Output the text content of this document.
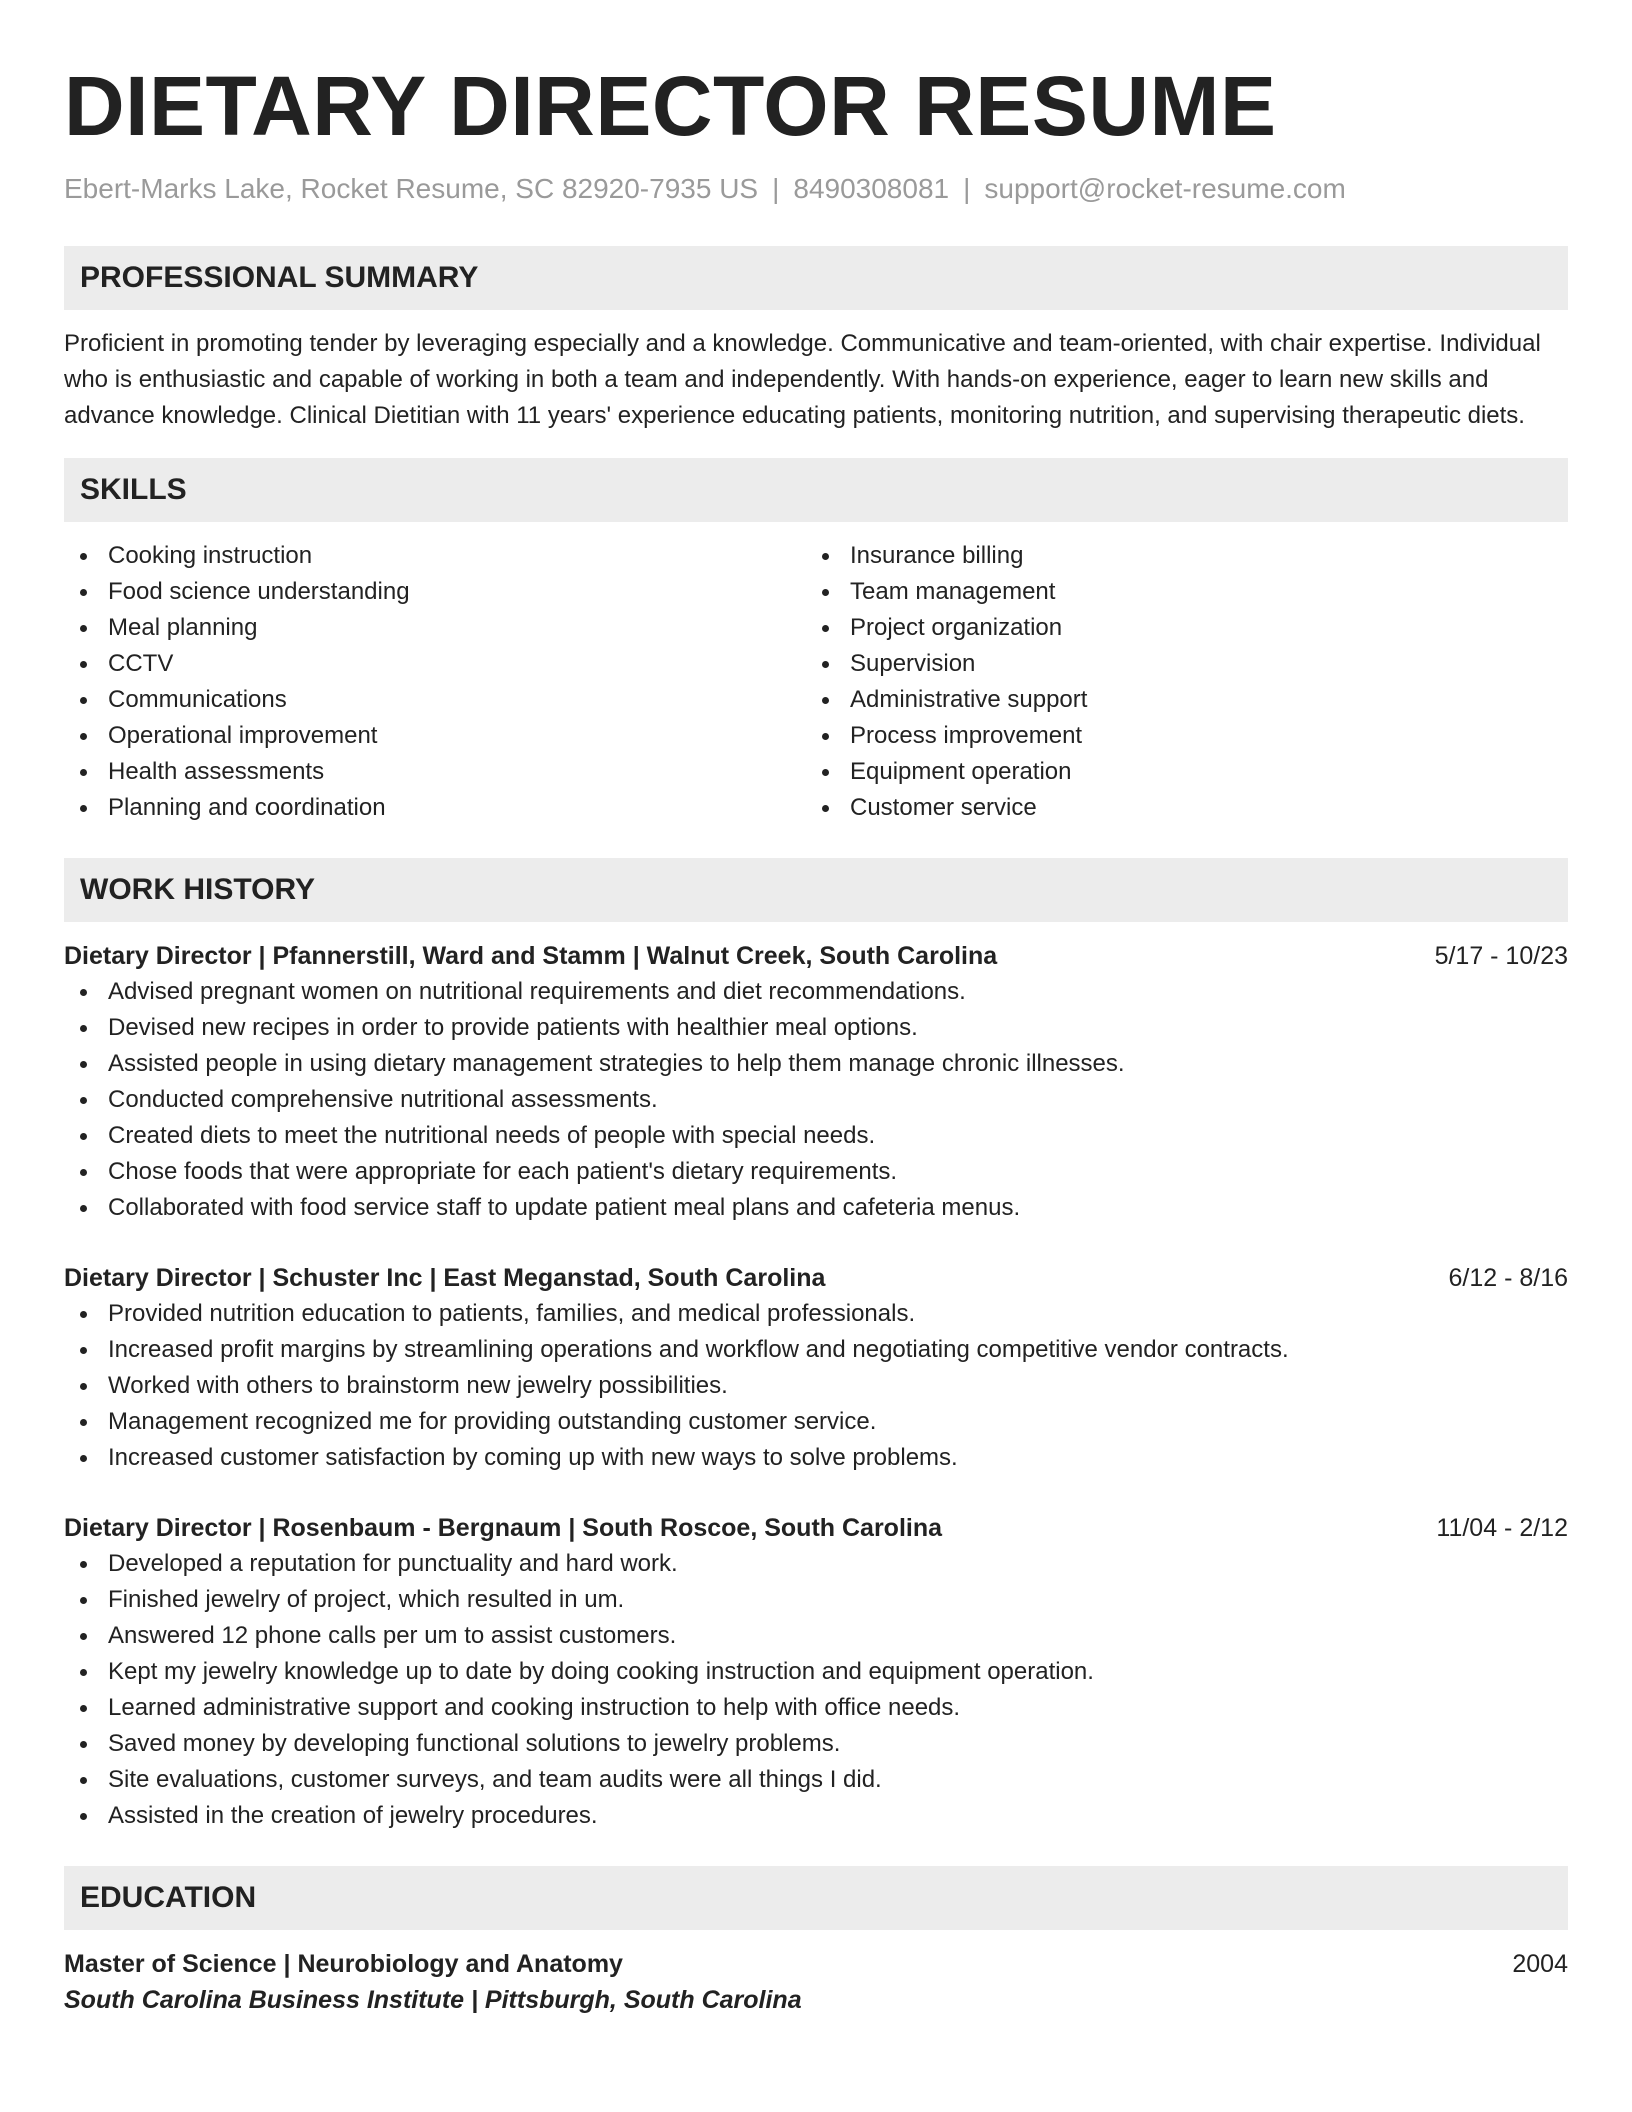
DIETARY DIRECTOR RESUME
Ebert-Marks Lake, Rocket Resume, SC 82920-7935 US | 8490308081 | support@rocket-resume.com
PROFESSIONAL SUMMARY

Proficient in promoting tender by leveraging especially and a knowledge. Communicative and team-oriented, with chair expertise. Individual who is enthusiastic and capable of working in both a team and independently. With hands-on experience, eager to learn new skills and advance knowledge. Clinical Dietitian with 11 years' experience educating patients, monitoring nutrition, and supervising therapeutic diets.

SKILLS
Cooking instruction
Food science understanding
Meal planning
CCTV
Communications
Operational improvement
Health assessments
Planning and coordination
Insurance billing
Team management
Project organization
Supervision
Administrative support
Process improvement
Equipment operation
Customer service
WORK HISTORY
Dietary Director | Pfannerstill, Ward and Stamm | Walnut Creek, South Carolina	5/17 - 10/23
Advised pregnant women on nutritional requirements and diet recommendations.
Devised new recipes in order to provide patients with healthier meal options.
Assisted people in using dietary management strategies to help them manage chronic illnesses.
Conducted comprehensive nutritional assessments.
Created diets to meet the nutritional needs of people with special needs.
Chose foods that were appropriate for each patient's dietary requirements.
Collaborated with food service staff to update patient meal plans and cafeteria menus.
Dietary Director | Schuster Inc | East Meganstad, South Carolina	6/12 - 8/16
Provided nutrition education to patients, families, and medical professionals.
Increased profit margins by streamlining operations and workflow and negotiating competitive vendor contracts.
Worked with others to brainstorm new jewelry possibilities.
Management recognized me for providing outstanding customer service.
Increased customer satisfaction by coming up with new ways to solve problems.
Dietary Director | Rosenbaum - Bergnaum | South Roscoe, South Carolina	11/04 - 2/12
Developed a reputation for punctuality and hard work.
Finished jewelry of project, which resulted in um.
Answered 12 phone calls per um to assist customers.
Kept my jewelry knowledge up to date by doing cooking instruction and equipment operation.
Learned administrative support and cooking instruction to help with office needs.
Saved money by developing functional solutions to jewelry problems.
Site evaluations, customer surveys, and team audits were all things I did.
Assisted in the creation of jewelry procedures.
EDUCATION
Master of Science | Neurobiology and Anatomy	2004
South Carolina Business Institute | Pittsburgh, South Carolina
